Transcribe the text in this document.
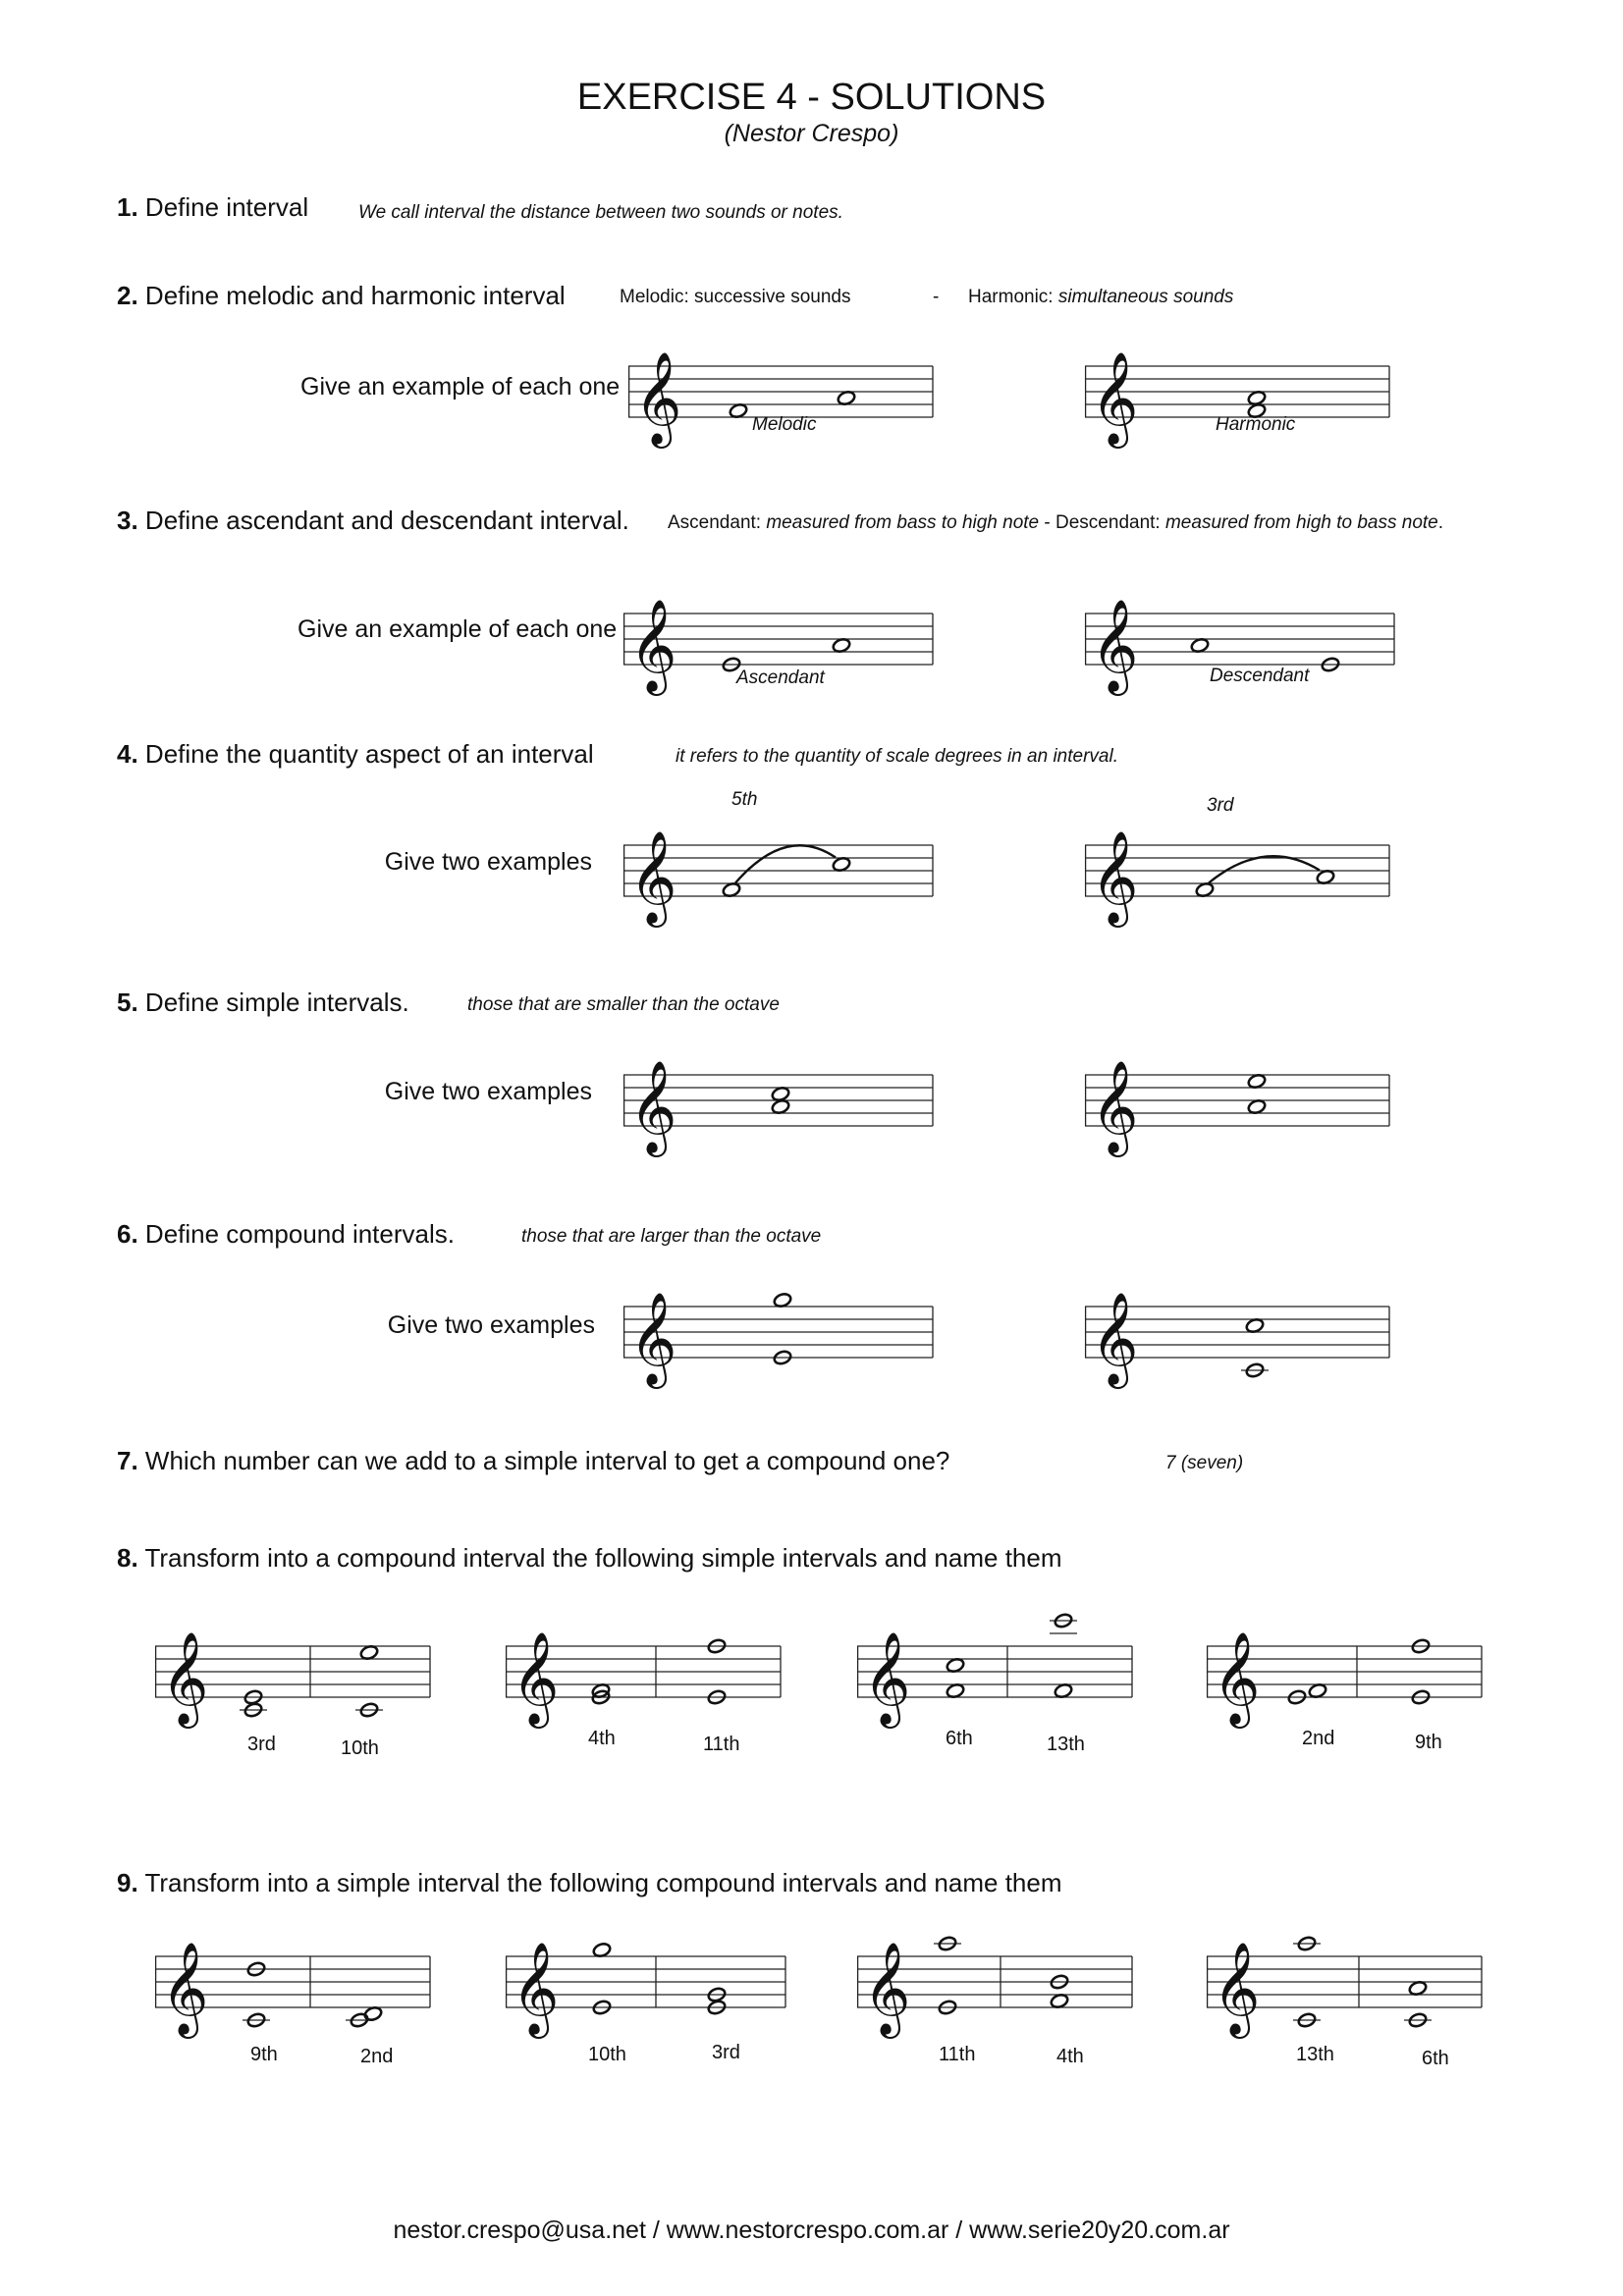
EXERCISE 4 - SOLUTIONS
(Nestor Crespo)
1. Define interval	We call interval the distance between two sounds or notes.
2. Define melodic and harmonic interval	Melodic: successive sounds	- Harmonic: simultaneous sounds
Give an example of each one 𝄞	𝄞
Melodic	Harmonic
3. Define ascendant and descendant interval. Ascendant: measured from bass to high note - Descendant: measured from high to bass note.
Give an example of each one 𝄞	𝄞
Ascendant	Descendant
4. Define the quantity aspect of an interval	it refers to the quantity of scale degrees in an interval.
Give two examples 𝄞	𝄞
5th	3rd
5. Define simple intervals.	those that are smaller than the octave
Give two examples 𝄞	𝄞
6. Define compound intervals.	those that are larger than the octave
Give two examples 𝄞	𝄞
7. Which number can we add to a simple interval to get a compound one?	7 (seven)
8. Transform into a compound interval the following simple intervals and name them
𝄞	𝄞	𝄞	𝄞
3rd	10th	4th	11th	6th	13th	2nd	9th
9. Transform into a simple interval the following compound intervals and name them
𝄞	𝄞	𝄞	𝄞
9th	2nd	10th	3rd	11th	4th	13th	6th
nestor.crespo@usa.net / www.nestorcrespo.com.ar / www.serie20y20.com.ar
